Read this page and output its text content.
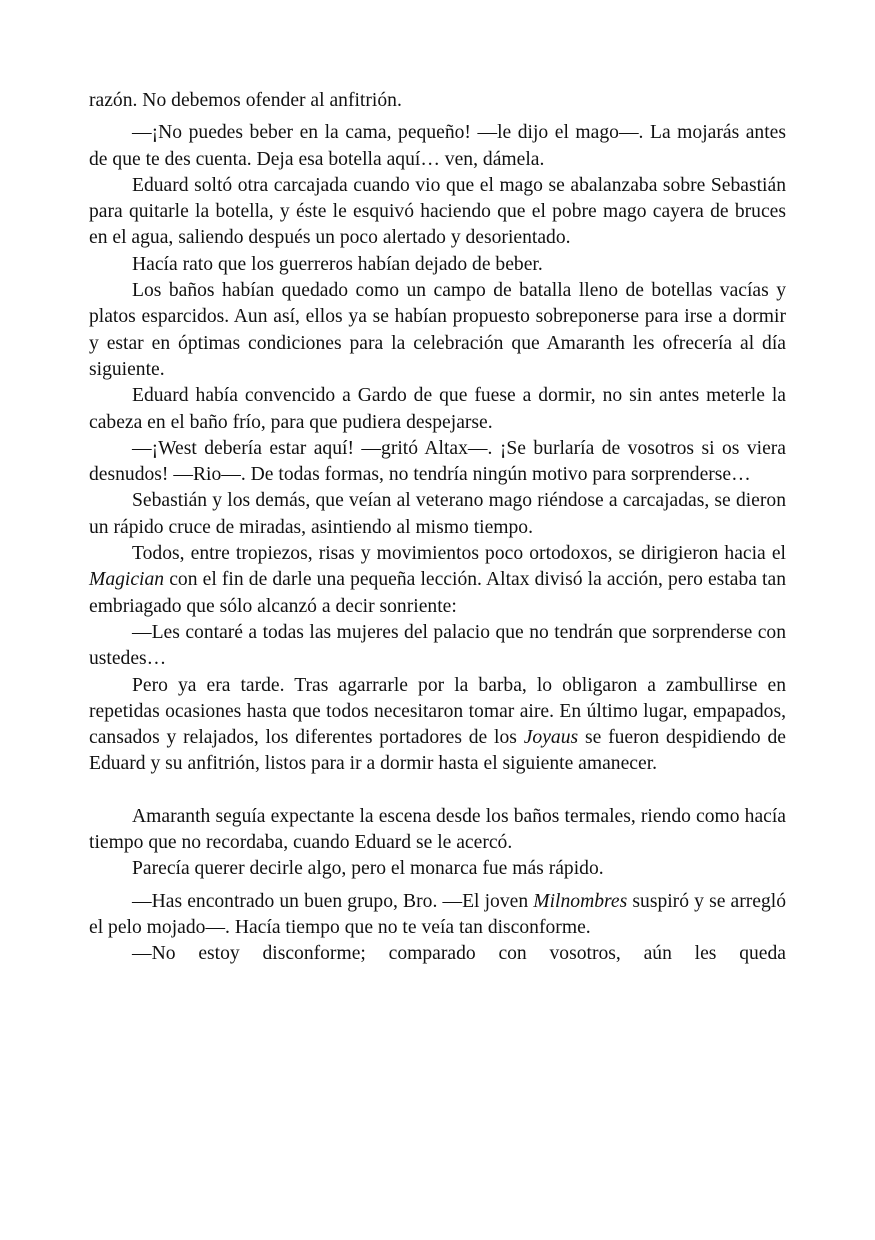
razón. No debemos ofender al anfitrión.

—¡No puedes beber en la cama, pequeño! —le dijo el mago—. La mojarás antes de que te des cuenta. Deja esa botella aquí… ven, dámela.

Eduard soltó otra carcajada cuando vio que el mago se abalanzaba sobre Sebastián para quitarle la botella, y éste le esquivó haciendo que el pobre mago cayera de bruces en el agua, saliendo después un poco alertado y desorientado.

Hacía rato que los guerreros habían dejado de beber.

Los baños habían quedado como un campo de batalla lleno de botellas vacías y platos esparcidos. Aun así, ellos ya se habían propuesto sobreponerse para irse a dormir y estar en óptimas condiciones para la celebración que Amaranth les ofrecería al día siguiente.

Eduard había convencido a Gardo de que fuese a dormir, no sin antes meterle la cabeza en el baño frío, para que pudiera despejarse.

—¡West debería estar aquí! —gritó Altax—. ¡Se burlaría de vosotros si os viera desnudos! —Rio—. De todas formas, no tendría ningún motivo para sorprenderse…

Sebastián y los demás, que veían al veterano mago riéndose a carcajadas, se dieron un rápido cruce de miradas, asintiendo al mismo tiempo.

Todos, entre tropiezos, risas y movimientos poco ortodoxos, se dirigieron hacia el Magician con el fin de darle una pequeña lección. Altax divisó la acción, pero estaba tan embriagado que sólo alcanzó a decir sonriente:

—Les contaré a todas las mujeres del palacio que no tendrán que sorprenderse con ustedes…

Pero ya era tarde. Tras agarrarle por la barba, lo obligaron a zambullirse en repetidas ocasiones hasta que todos necesitaron tomar aire. En último lugar, empapados, cansados y relajados, los diferentes portadores de los Joyaus se fueron despidiendo de Eduard y su anfitrión, listos para ir a dormir hasta el siguiente amanecer.

Amaranth seguía expectante la escena desde los baños termales, riendo como hacía tiempo que no recordaba, cuando Eduard se le acercó.

Parecía querer decirle algo, pero el monarca fue más rápido.

—Has encontrado un buen grupo, Bro. —El joven Milnombres suspiró y se arregló el pelo mojado—. Hacía tiempo que no te veía tan disconforme.

—No estoy disconforme; comparado con vosotros, aún les queda
